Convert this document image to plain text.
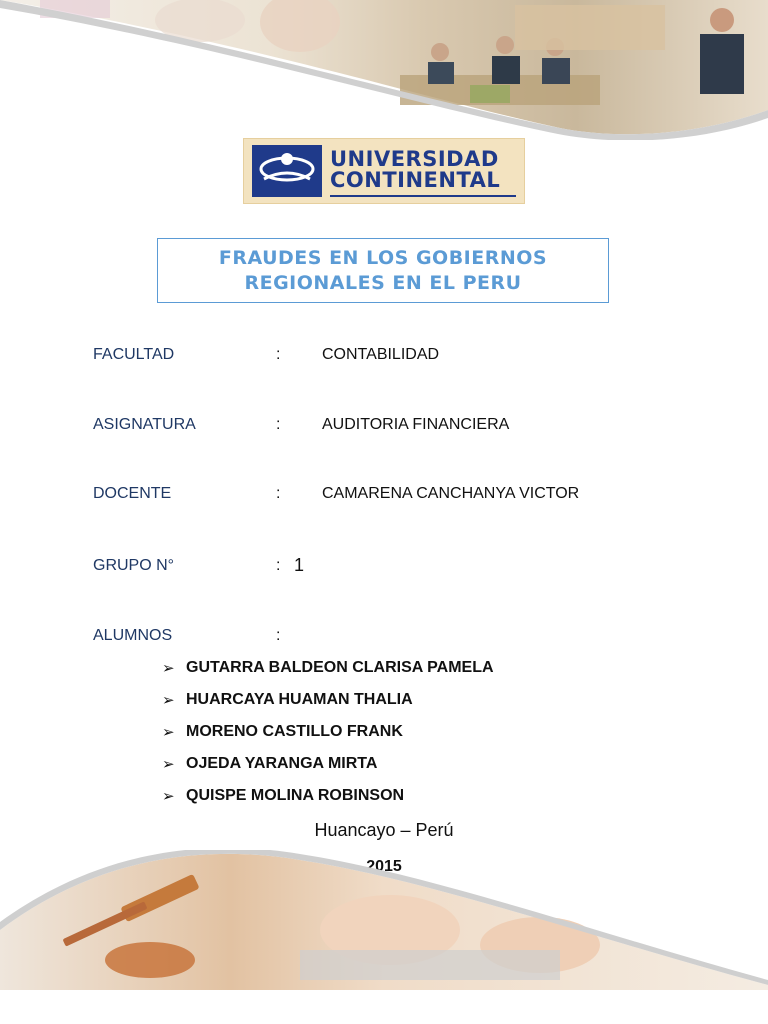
UNIVERSIDAD
CONTINENTAL
FRAUDES EN LOS GOBIERNOS
REGIONALES EN EL PERU
FACULTAD	:	CONTABILIDAD
ASIGNATURA	:	AUDITORIA FINANCIERA
DOCENTE	:	CAMARENA CANCHANYA VICTOR
GRUPO N°	: 1
ALUMNOS	:
➢ GUTARRA BALDEON CLARISA PAMELA
➢ HUARCAYA HUAMAN THALIA
➢ MORENO CASTILLO FRANK
➢ OJEDA YARANGA MIRTA
➢ QUISPE MOLINA ROBINSON
Huancayo – Perú
2015
